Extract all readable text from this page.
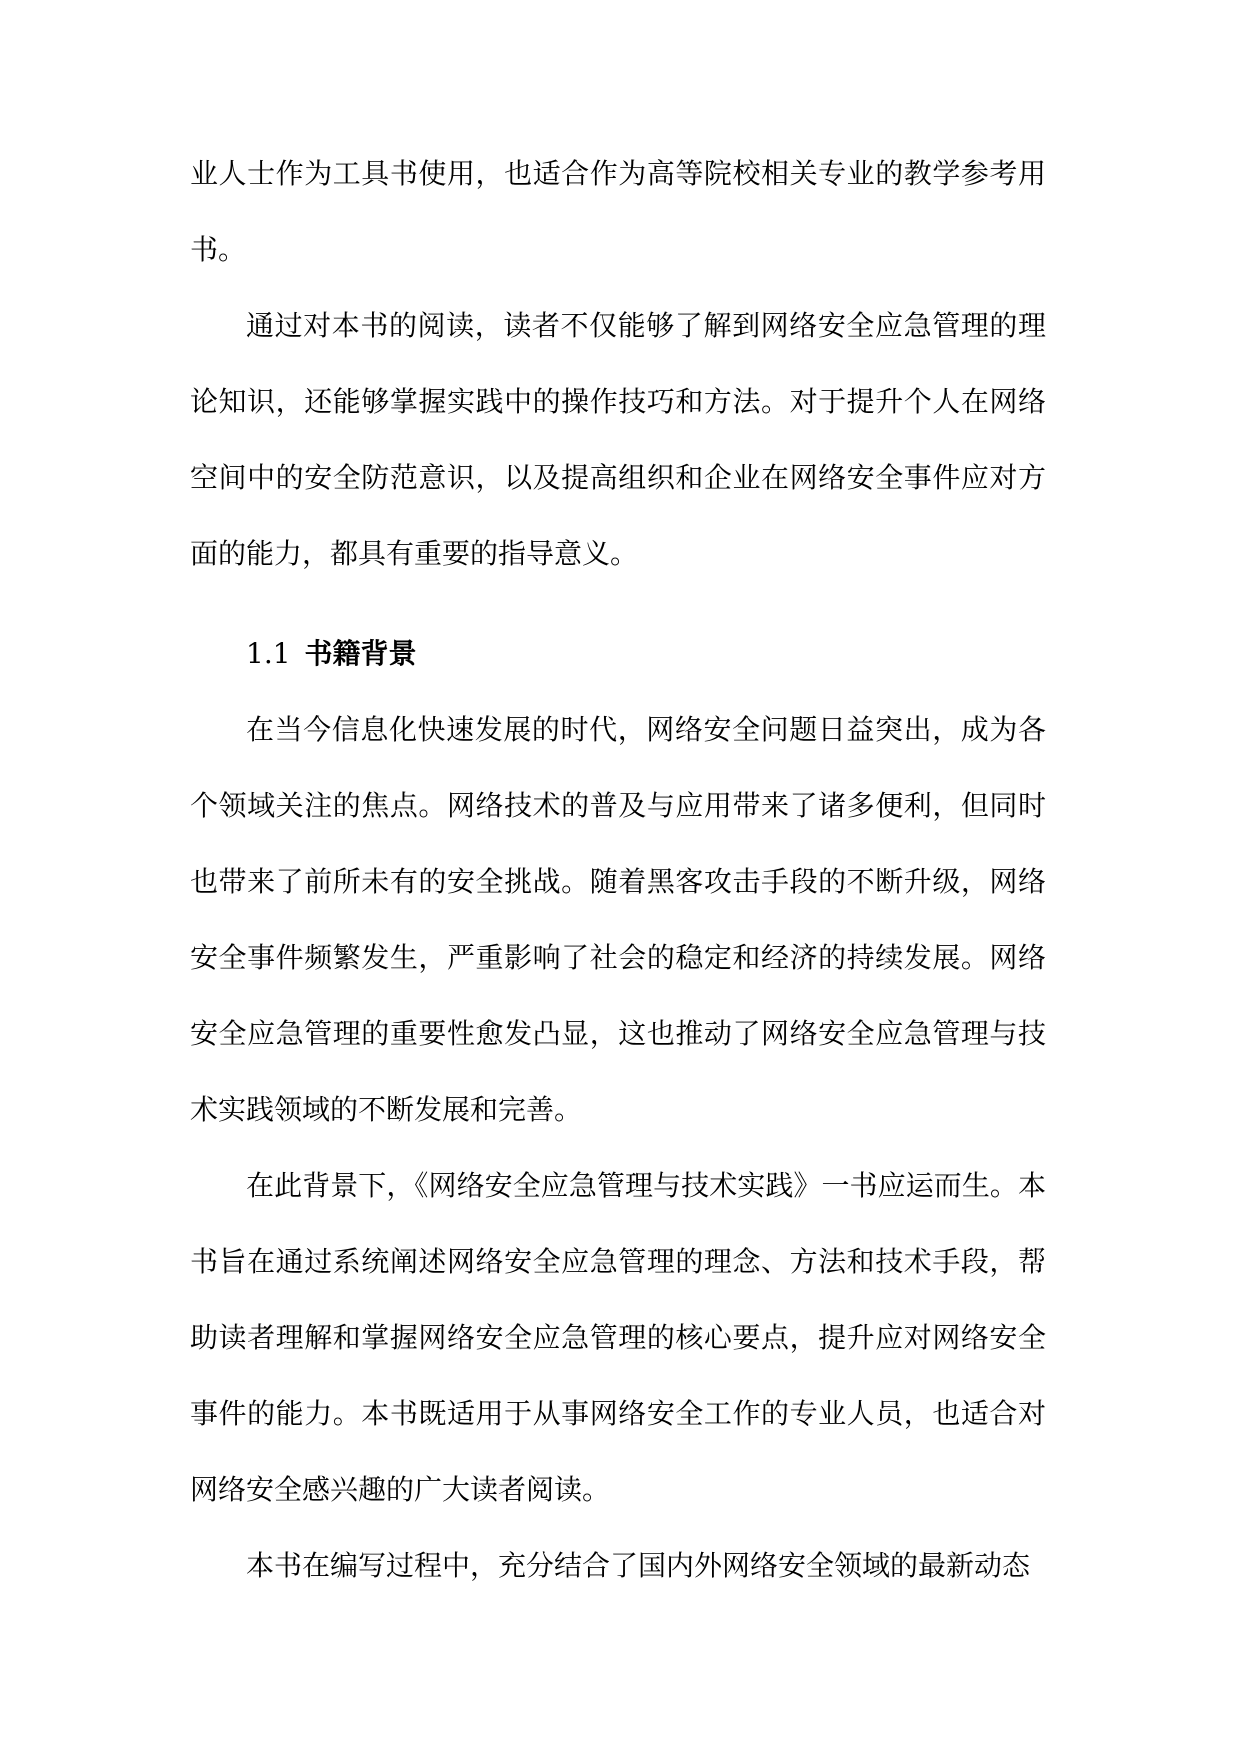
业人士作为工具书使用，也适合作为高等院校相关专业的教学参考用书。

通过对本书的阅读，读者不仅能够了解到网络安全应急管理的理论知识，还能够掌握实践中的操作技巧和方法。对于提升个人在网络空间中的安全防范意识，以及提高组织和企业在网络安全事件应对方面的能力，都具有重要的指导意义。

1.1 书籍背景

在当今信息化快速发展的时代，网络安全问题日益突出，成为各个领域关注的焦点。网络技术的普及与应用带来了诸多便利，但同时也带来了前所未有的安全挑战。随着黑客攻击手段的不断升级，网络安全事件频繁发生，严重影响了社会的稳定和经济的持续发展。网络安全应急管理的重要性愈发凸显，这也推动了网络安全应急管理与技术实践领域的不断发展和完善。

在此背景下，《网络安全应急管理与技术实践》一书应运而生。本书旨在通过系统阐述网络安全应急管理的理念、方法和技术手段，帮助读者理解和掌握网络安全应急管理的核心要点，提升应对网络安全事件的能力。本书既适用于从事网络安全工作的专业人员，也适合对网络安全感兴趣的广大读者阅读。

本书在编写过程中，充分结合了国内外网络安全领域的最新动态
